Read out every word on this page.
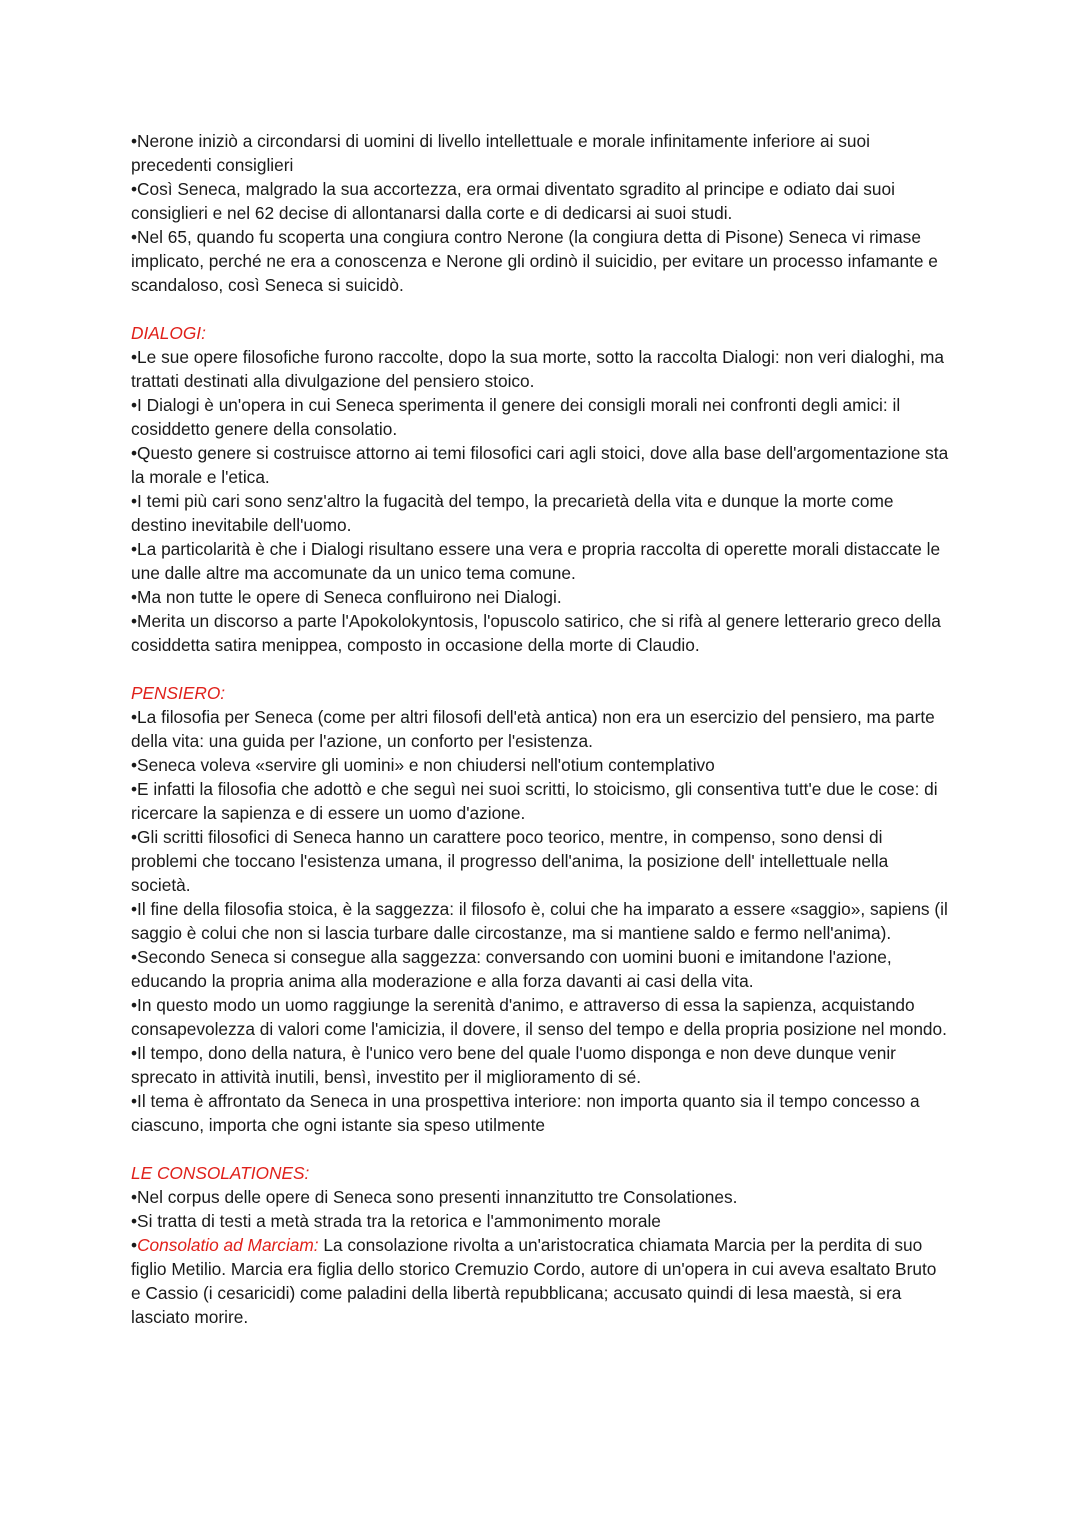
•Nerone iniziò a circondarsi di uomini di livello intellettuale e morale infinitamente inferiore ai suoi precedenti consiglieri

•Così Seneca, malgrado la sua accortezza, era ormai diventato sgradito al principe e odiato dai suoi consiglieri e nel 62 decise di allontanarsi dalla corte e di dedicarsi ai suoi studi.

•Nel 65, quando fu scoperta una congiura contro Nerone (la congiura detta di Pisone) Seneca vi rimase implicato, perché ne era a conoscenza e Nerone gli ordinò il suicidio, per evitare un processo infamante e scandaloso, così Seneca si suicidò.

DIALOGI:

•Le sue opere filosofiche furono raccolte, dopo la sua morte, sotto la raccolta Dialogi: non veri dialoghi, ma trattati destinati alla divulgazione del pensiero stoico.

•I Dialogi è un'opera in cui Seneca sperimenta il genere dei consigli morali nei confronti degli amici: il cosiddetto genere della consolatio.

•Questo genere si costruisce attorno ai temi filosofici cari agli stoici, dove alla base dell'argomentazione sta la morale e l'etica.

•I temi più cari sono senz'altro la fugacità del tempo, la precarietà della vita e dunque la morte come destino inevitabile dell'uomo.

•La particolarità è che i Dialogi risultano essere una vera e propria raccolta di operette morali distaccate le une dalle altre ma accomunate da un unico tema comune.

•Ma non tutte le opere di Seneca confluirono nei Dialogi.

•Merita un discorso a parte l'Apokolokyntosis, l'opuscolo satirico, che si rifà al genere letterario greco della cosiddetta satira menippea, composto in occasione della morte di Claudio.

PENSIERO:

•La filosofia per Seneca (come per altri filosofi dell'età antica) non era un esercizio del pensiero, ma parte della vita: una guida per l'azione, un conforto per l'esistenza.

•Seneca voleva «servire gli uomini» e non chiudersi nell'otium contemplativo

•E infatti la filosofia che adottò e che seguì nei suoi scritti, lo stoicismo, gli consentiva tutt'e due le cose: di ricercare la sapienza e di essere un uomo d'azione.

•Gli scritti filosofici di Seneca hanno un carattere poco teorico, mentre, in compenso, sono densi di problemi che toccano l'esistenza umana, il progresso dell'anima, la posizione dell' intellettuale nella società.

•Il fine della filosofia stoica, è la saggezza: il filosofo è, colui che ha imparato a essere «saggio», sapiens (il saggio è colui che non si lascia turbare dalle circostanze, ma si mantiene saldo e fermo nell'anima).

•Secondo Seneca si consegue alla saggezza: conversando con uomini buoni e imitandone l'azione, educando la propria anima alla moderazione e alla forza davanti ai casi della vita.

•In questo modo un uomo raggiunge la serenità d'animo, e attraverso di essa la sapienza, acquistando consapevolezza di valori come l'amicizia, il dovere, il senso del tempo e della propria posizione nel mondo.

•Il tempo, dono della natura, è l'unico vero bene del quale l'uomo disponga e non deve dunque venir sprecato in attività inutili, bensì, investito per il miglioramento di sé.

•Il tema è affrontato da Seneca in una prospettiva interiore: non importa quanto sia il tempo concesso a ciascuno, importa che ogni istante sia speso utilmente

LE CONSOLATIONES:

•Nel corpus delle opere di Seneca sono presenti innanzitutto tre Consolationes.

•Si tratta di testi a metà strada tra la retorica e l'ammonimento morale

•Consolatio ad Marciam: La consolazione rivolta a un'aristocratica chiamata Marcia per la perdita di suo figlio Metilio. Marcia era figlia dello storico Cremuzio Cordo, autore di un'opera in cui aveva esaltato Bruto e Cassio (i cesaricidi) come paladini della libertà repubblicana; accusato quindi di lesa maestà, si era lasciato morire.
